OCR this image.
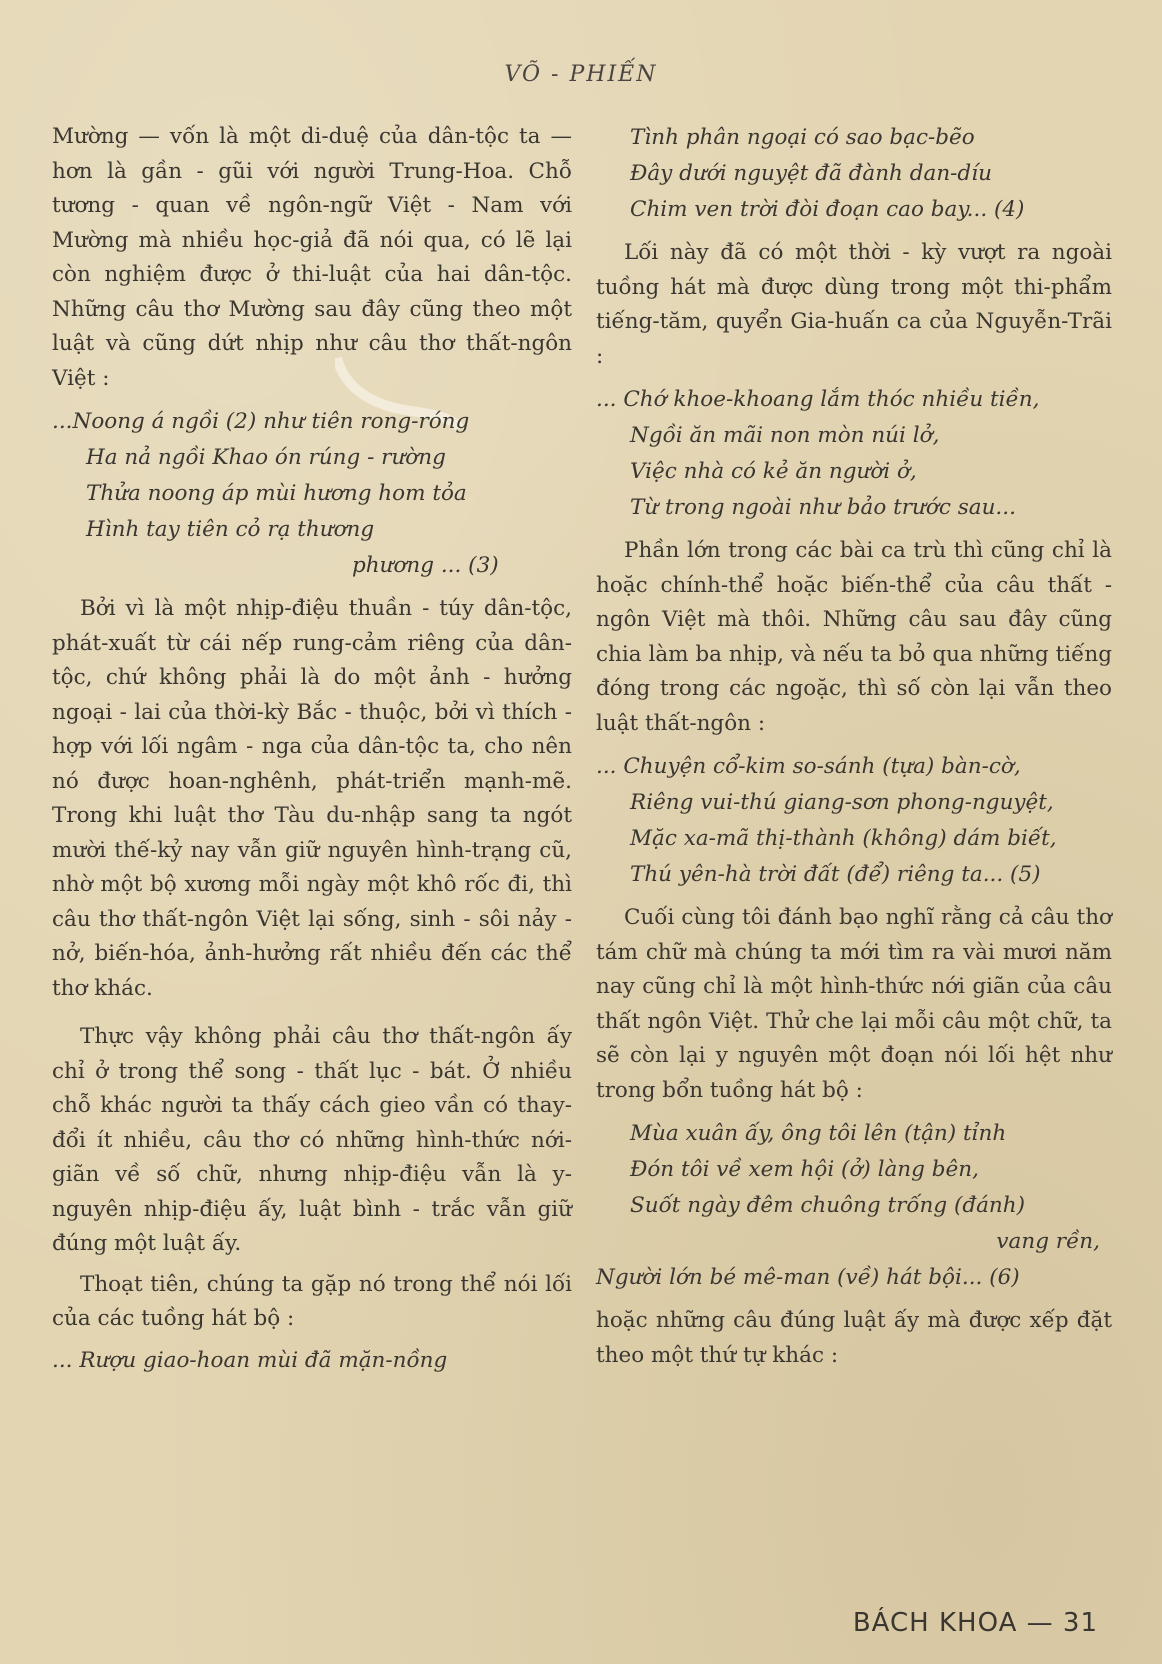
VÕ - PHIẾN

Mường — vốn là một di-duệ của dân-tộc ta — hơn là gần - gũi với người Trung-Hoa. Chỗ tương - quan về ngôn-ngữ Việt - Nam với Mường mà nhiều học-giả đã nói qua, có lẽ lại còn nghiệm được ở thi-luật của hai dân-tộc. Những câu thơ Mường sau đây cũng theo một luật và cũng dứt nhịp như câu thơ thất-ngôn Việt :

...Noong á ngồi (2) như tiên rong-róng

Ha nả ngồi Khao ón rúng - rường

Thửa noong áp mùi hương hom tỏa

Hình tay tiên cỏ rạ thương

phương ... (3)

Bởi vì là một nhịp-điệu thuần - túy dân-tộc, phát-xuất từ cái nếp rung-cảm riêng của dân-tộc, chứ không phải là do một ảnh - hưởng ngoại - lai của thời-kỳ Bắc - thuộc, bởi vì thích - hợp với lối ngâm - nga của dân-tộc ta, cho nên nó được hoan-nghênh, phát-triển mạnh-mẽ. Trong khi luật thơ Tàu du-nhập sang ta ngót mười thế-kỷ nay vẫn giữ nguyên hình-trạng cũ, nhờ một bộ xương mỗi ngày một khô rốc đi, thì câu thơ thất-ngôn Việt lại sống, sinh - sôi nảy - nở, biến-hóa, ảnh-hưởng rất nhiều đến các thể thơ khác.

Thực vậy không phải câu thơ thất-ngôn ấy chỉ ở trong thể song - thất lục - bát. Ở nhiều chỗ khác người ta thấy cách gieo vần có thay-đổi ít nhiều, câu thơ có những hình-thức nới-giãn về số chữ, nhưng nhịp-điệu vẫn là y-nguyên nhịp-điệu ấy, luật bình - trắc vẫn giữ đúng một luật ấy.

Thoạt tiên, chúng ta gặp nó trong thể nói lối của các tuồng hát bộ :

... Rượu giao-hoan mùi đã mặn-nồng

Tình phân ngoại có sao bạc-bẽo

Đây dưới nguyệt đã đành dan-díu

Chim ven trời đòi đoạn cao bay... (4)

Lối này đã có một thời - kỳ vượt ra ngoài tuồng hát mà được dùng trong một thi-phẩm tiếng-tăm, quyển Gia-huấn ca của Nguyễn-Trãi :

... Chớ khoe-khoang lắm thóc nhiều tiền,

Ngồi ăn mãi non mòn núi lở,

Việc nhà có kẻ ăn người ở,

Từ trong ngoài như bảo trước sau...

Phần lớn trong các bài ca trù thì cũng chỉ là hoặc chính-thể hoặc biến-thể của câu thất - ngôn Việt mà thôi. Những câu sau đây cũng chia làm ba nhịp, và nếu ta bỏ qua những tiếng đóng trong các ngoặc, thì số còn lại vẫn theo luật thất-ngôn :

... Chuyện cổ-kim so-sánh (tựa) bàn-cờ,

Riêng vui-thú giang-sơn phong-nguyệt,

Mặc xa-mã thị-thành (không) dám biết,

Thú yên-hà trời đất (để) riêng ta... (5)

Cuối cùng tôi đánh bạo nghĩ rằng cả câu thơ tám chữ mà chúng ta mới tìm ra vài mươi năm nay cũng chỉ là một hình-thức nới giãn của câu thất ngôn Việt. Thử che lại mỗi câu một chữ, ta sẽ còn lại y nguyên một đoạn nói lối hệt như trong bổn tuồng hát bộ :

Mùa xuân ấy, ông tôi lên (tận) tỉnh

Đón tôi về xem hội (ở) làng bên,

Suốt ngày đêm chuông trống (đánh)

vang rền,

Người lớn bé mê-man (về) hát bội... (6)

hoặc những câu đúng luật ấy mà được xếp đặt theo một thứ tự khác :

BÁCH KHOA — 31
